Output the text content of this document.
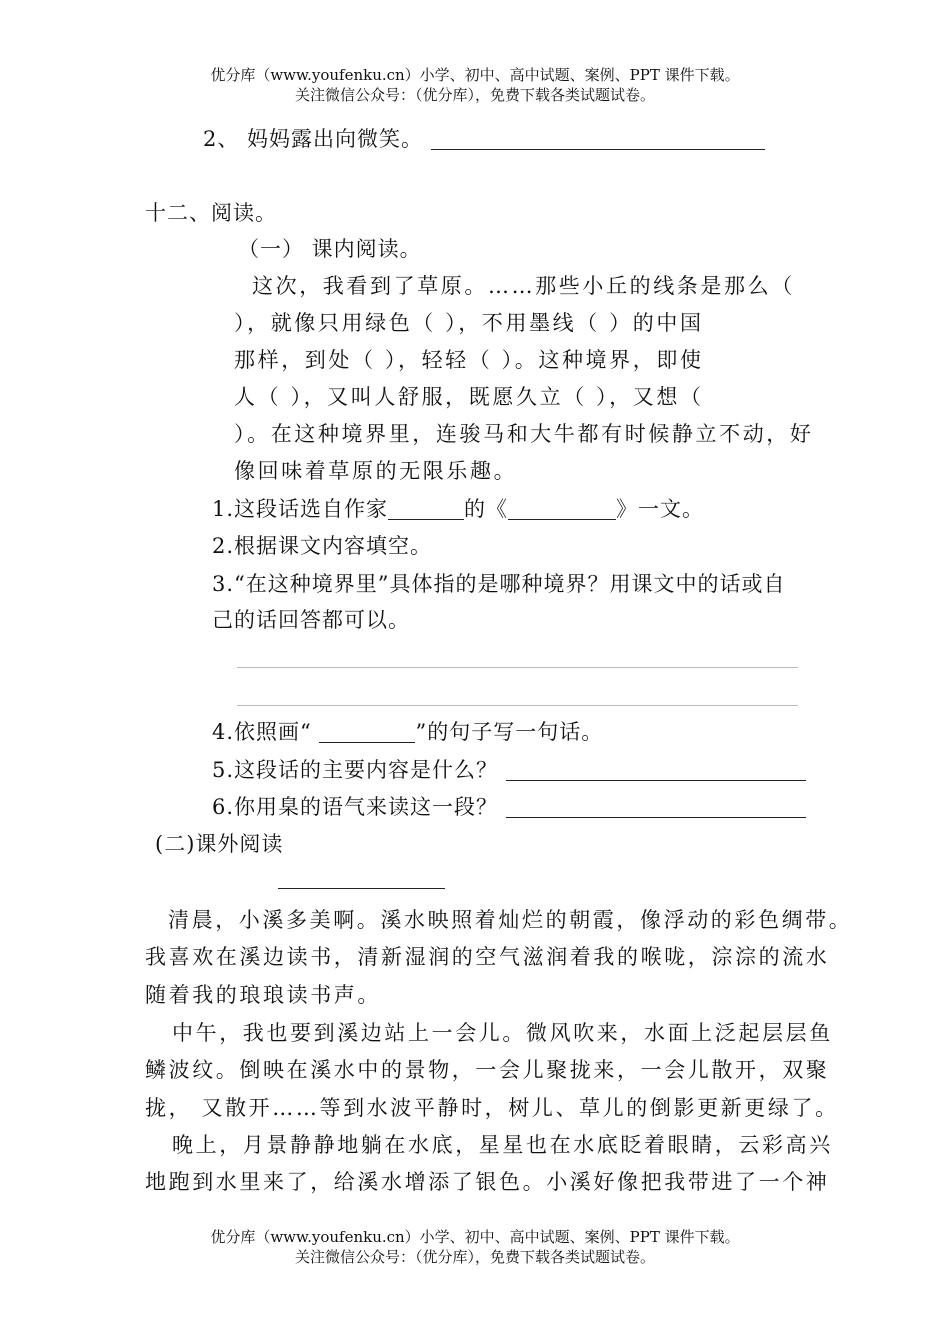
优分库（www.youfenku.cn）小学、初中、高中试题、案例、PPT 课件下载。
关注微信公众号：（优分库），免费下载各类试题试卷。
2、 妈妈露出向微笑。
十二、阅读。
（一） 课内阅读。
这次，我看到了草原。……那些小丘的线条是那么（
），就像只用绿色（ ），不用墨线（ ）的中国
那样，到处（ ），轻轻（ ）。这种境界，即使
人（ ），又叫人舒服，既愿久立（ ），又想（
）。在这种境界里，连骏马和大牛都有时候静立不动，好
像回味着草原的无限乐趣。
1.这段话选自作家	的《	》一文。
2.根据课文内容填空。
3.“在这种境界里”具体指的是哪种境界？用课文中的话或自
己的话回答都可以。
4.依照画“	”的句子写一句话。
5.这段话的主要内容是什么？
6.你用臬的语气来读这一段？
(二)课外阅读
清晨，小溪多美啊。溪水映照着灿烂的朝霞，像浮动的彩色绸带。
我喜欢在溪边读书，清新湿润的空气滋润着我的喉咙，淙淙的流水
随着我的琅琅读书声。
中午，我也要到溪边站上一会儿。微风吹来，水面上泛起层层鱼
鳞波纹。倒映在溪水中的景物，一会儿聚拢来，一会儿散开，双聚
拢， 又散开……等到水波平静时，树儿、草儿的倒影更新更绿了。
晚上，月景静静地躺在水底，星星也在水底眨着眼睛，云彩高兴
地跑到水里来了，给溪水增添了银色。小溪好像把我带进了一个神
优分库（www.youfenku.cn）小学、初中、高中试题、案例、PPT 课件下载。
关注微信公众号：（优分库），免费下载各类试题试卷。
